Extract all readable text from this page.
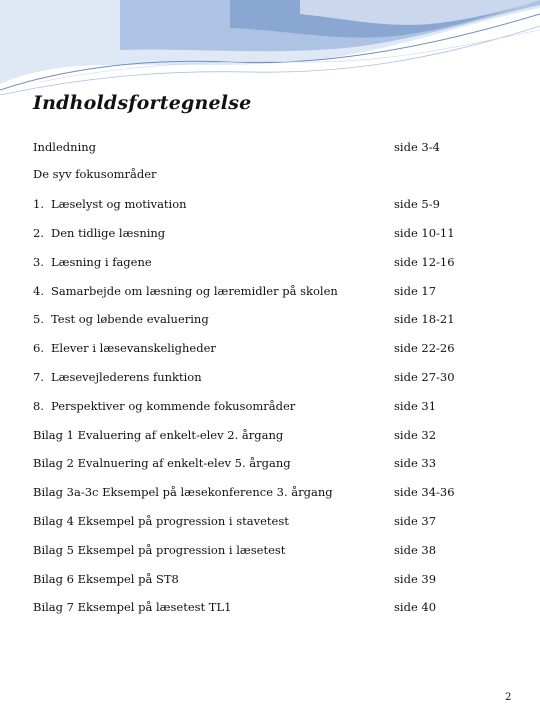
Indholdsfortegnelse
Indledning	side 3-4
De syv fokusområder
1. Læselyst og motivation	side 5-9
2. Den tidlige læsning	side 10-11
3. Læsning i fagene	side 12-16
4. Samarbejde om læsning og læremidler på skolen	side 17
5. Test og løbende evaluering	side 18-21
6. Elever i læsevanskeligheder	side 22-26
7. Læsevejlederens funktion	side 27-30
8. Perspektiver og kommende fokusområder	side 31
Bilag 1 Evaluering af enkelt-elev 2. årgang	side 32
Bilag 2 Evalnuering af enkelt-elev 5. årgang	side 33
Bilag 3a-3c Eksempel på læsekonference 3. årgang	side 34-36
Bilag 4 Eksempel på progression i stavetest	side 37
Bilag 5 Eksempel på progression i læsetest	side 38
Bilag 6 Eksempel på ST8	side 39
Bilag 7 Eksempel på læsetest TL1	side 40
2
